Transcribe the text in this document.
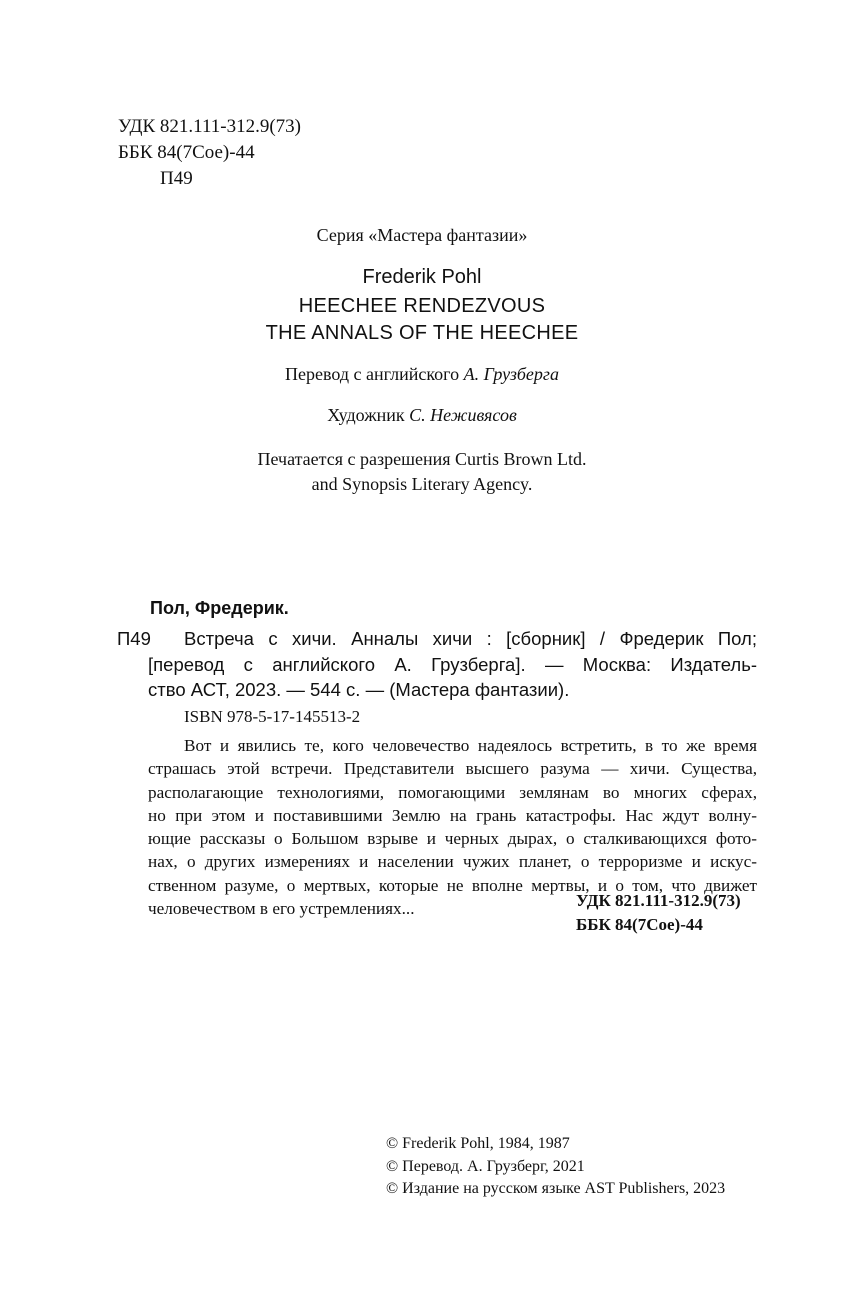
УДК 821.111-312.9(73)
ББК 84(7Сое)-44
П49
Серия «Мастера фантазии»
Frederik Pohl
HEECHEE RENDEZVOUS
THE ANNALS OF THE HEECHEE
Перевод с английского А. Грузберга
Художник С. Неживясов
Печатается с разрешения Curtis Brown Ltd.
and Synopsis Literary Agency.
Пол, Фредерик.
П49	Встреча с хичи. Анналы хичи : [сборник] / Фредерик Пол;
[перевод с английского А. Грузберга]. — Москва: Издатель-
ство АСТ, 2023. — 544 с. — (Мастера фантазии).
ISBN 978-5-17-145513-2
Вот и явились те, кого человечество надеялось встретить, в то же время
страшась этой встречи. Представители высшего разума — хичи. Существа,
располагающие технологиями, помогающими землянам во многих сферах,
но при этом и поставившими Землю на грань катастрофы. Нас ждут волну-
ющие рассказы о Большом взрыве и черных дырах, о сталкивающихся фото-
нах, о других измерениях и населении чужих планет, о терроризме и искус-
ственном разуме, о мертвых, которые не вполне мертвы, и о том, что движет
человечеством в его устремлениях...	УДК 821.111-312.9(73)
ББК 84(7Сое)-44
© Frederik Pohl, 1984, 1987
© Перевод. А. Грузберг, 2021
© Издание на русском языке AST Publishers, 2023
